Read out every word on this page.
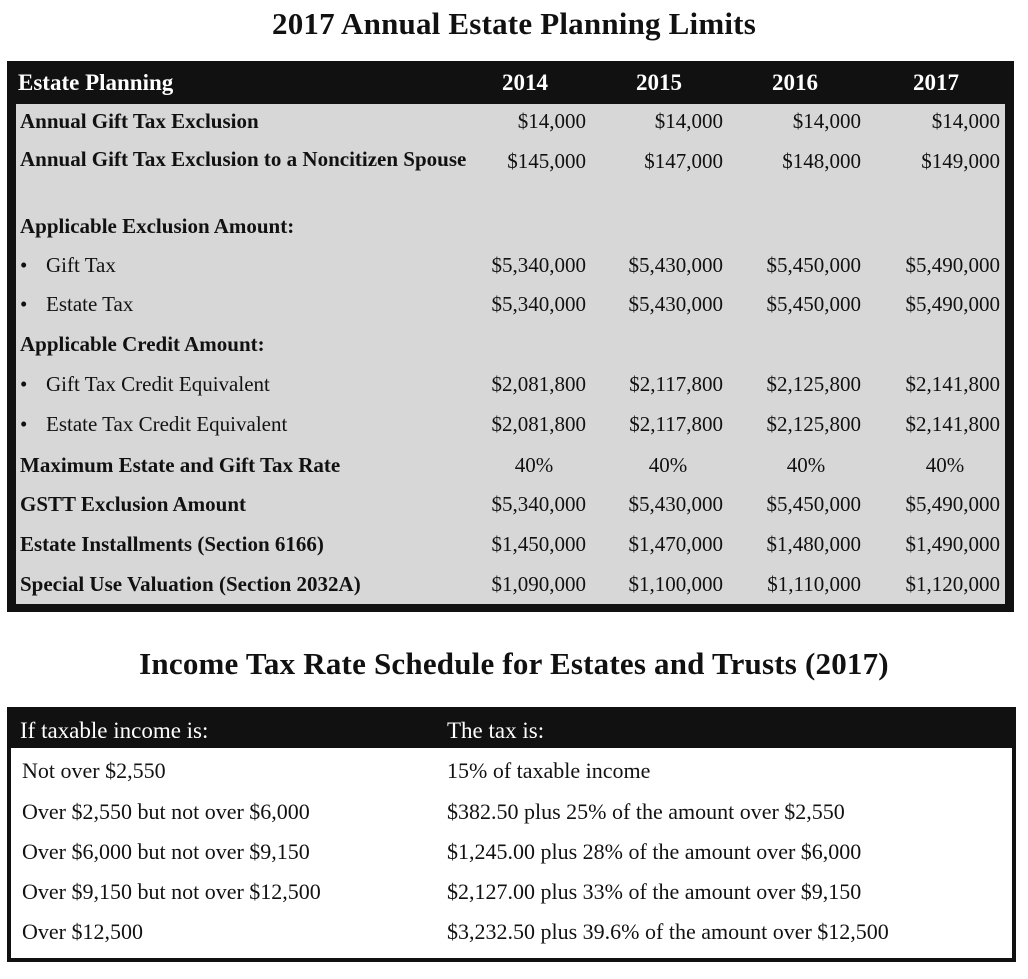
2017 Annual Estate Planning Limits
Estate Planning	2014	2015	2016	2017
Annual Gift Tax Exclusion	$14,000	$14,000	$14,000	$14,000
Annual Gift Tax Exclusion to a Noncitizen Spouse	$145,000	$147,000	$148,000	$149,000
Applicable Exclusion Amount:
• Gift Tax	$5,340,000 $5,430,000 $5,450,000 $5,490,000
• Estate Tax	$5,340,000 $5,430,000 $5,450,000 $5,490,000
Applicable Credit Amount:
• Gift Tax Credit Equivalent	$2,081,800 $2,117,800 $2,125,800 $2,141,800
• Estate Tax Credit Equivalent	$2,081,800 $2,117,800 $2,125,800 $2,141,800
Maximum Estate and Gift Tax Rate	40%	40%	40%	40%
GSTT Exclusion Amount	$5,340,000 $5,430,000 $5,450,000 $5,490,000
Estate Installments (Section 6166)	$1,450,000 $1,470,000 $1,480,000 $1,490,000
Special Use Valuation (Section 2032A)	$1,090,000 $1,100,000 $1,110,000 $1,120,000
Income Tax Rate Schedule for Estates and Trusts (2017)
If taxable income is:	The tax is:
Not over $2,550	15% of taxable income
Over $2,550 but not over $6,000	$382.50 plus 25% of the amount over $2,550
Over $6,000 but not over $9,150	$1,245.00 plus 28% of the amount over $6,000
Over $9,150 but not over $12,500	$2,127.00 plus 33% of the amount over $9,150
Over $12,500	$3,232.50 plus 39.6% of the amount over $12,500
